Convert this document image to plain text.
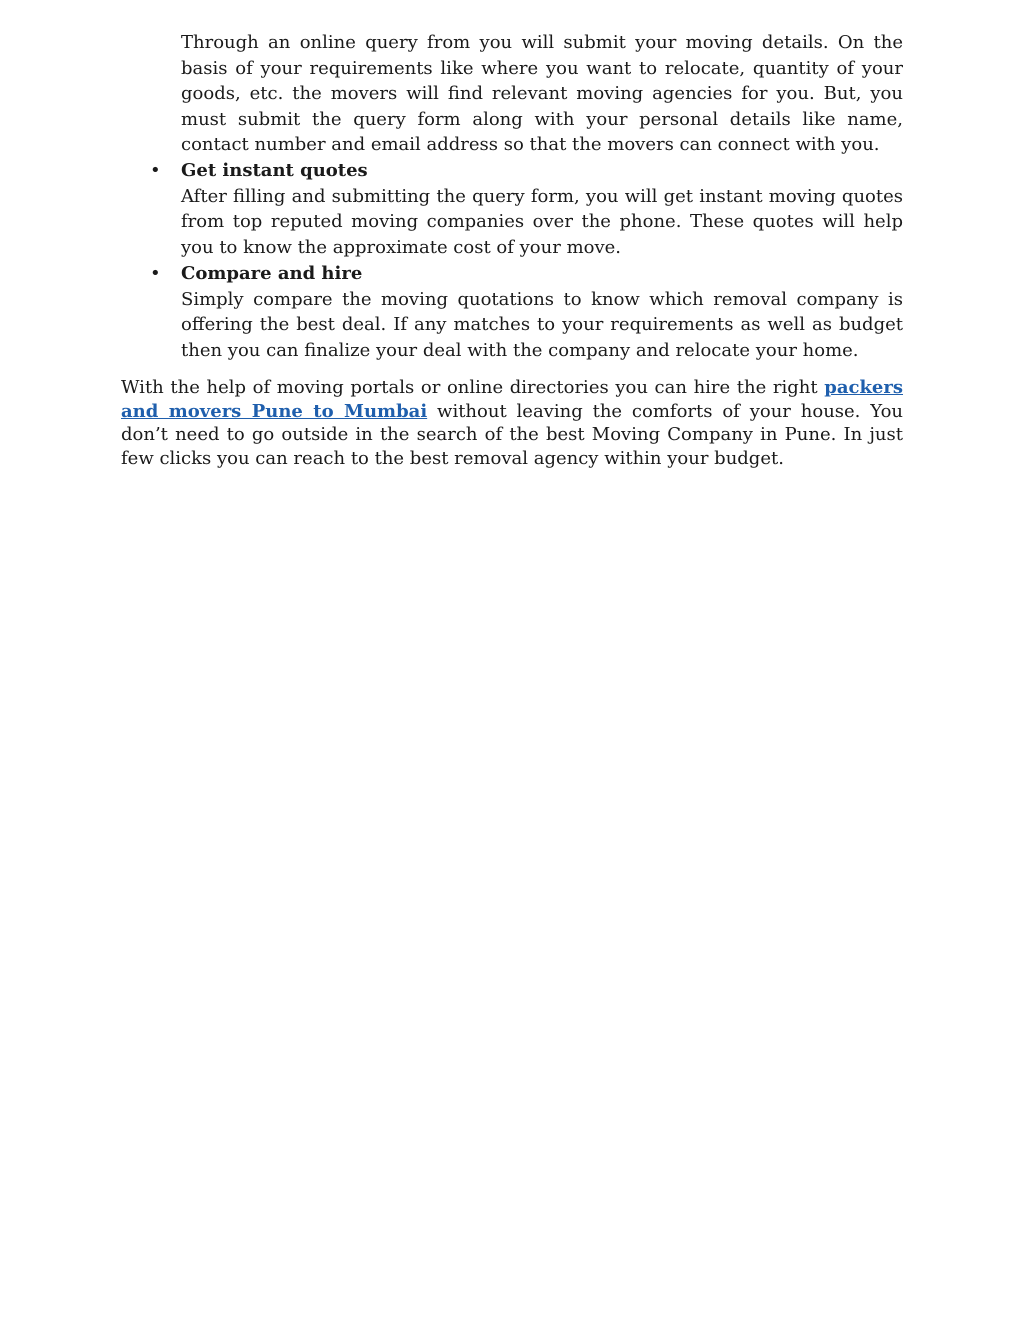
Through an online query from you will submit your moving details. On the basis of your requirements like where you want to relocate, quantity of your goods, etc. the movers will find relevant moving agencies for you. But, you must submit the query form along with your personal details like name, contact number and email address so that the movers can connect with you.

• Get instant quotes
After filling and submitting the query form, you will get instant moving quotes from top reputed moving companies over the phone. These quotes will help you to know the approximate cost of your move.
• Compare and hire
Simply compare the moving quotations to know which removal company is offering the best deal. If any matches to your requirements as well as budget then you can finalize your deal with the company and relocate your home.

With the help of moving portals or online directories you can hire the right packers and movers Pune to Mumbai without leaving the comforts of your house. You don’t need to go outside in the search of the best Moving Company in Pune. In just few clicks you can reach to the best removal agency within your budget.
